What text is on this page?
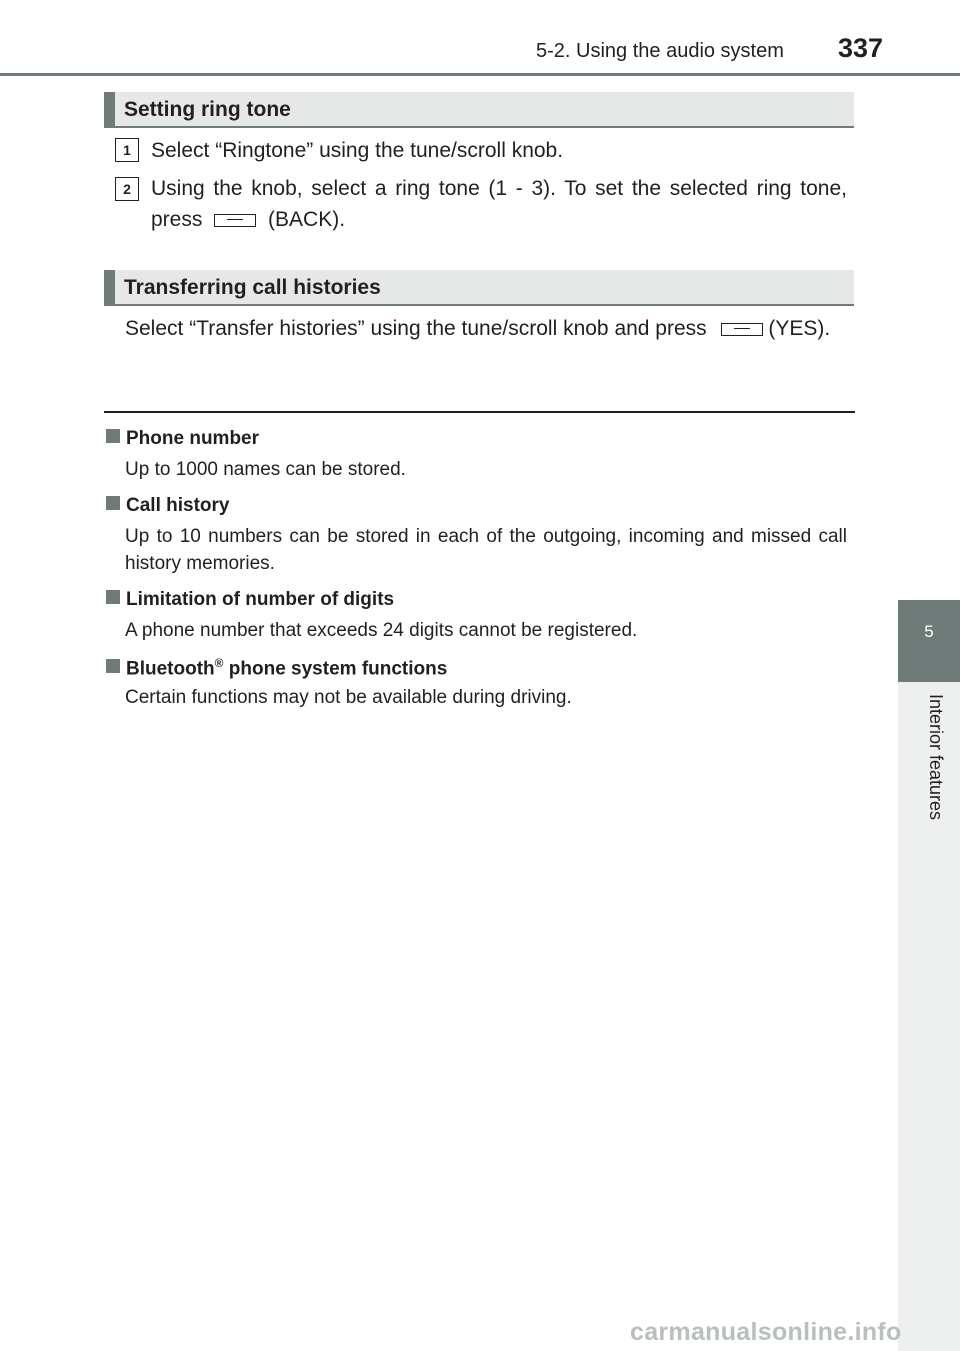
5-2. Using the audio system 337
5
Interior features
Setting ring tone
1 Select “Ringtone” using the tune/scroll knob.
2 Using the knob, select a ring tone (1 - 3). To set the selected ring tone, press	(BACK).
Transferring call histories
Select “Transfer histories” using the tune/scroll knob and press	(YES).
Phone number
Up to 1000 names can be stored.
Call history
Up to 10 numbers can be stored in each of the outgoing, incoming and missed call history memories.
Limitation of number of digits
A phone number that exceeds 24 digits cannot be registered.
Bluetooth® phone system functions
Certain functions may not be available during driving.
carmanualsonline.info
